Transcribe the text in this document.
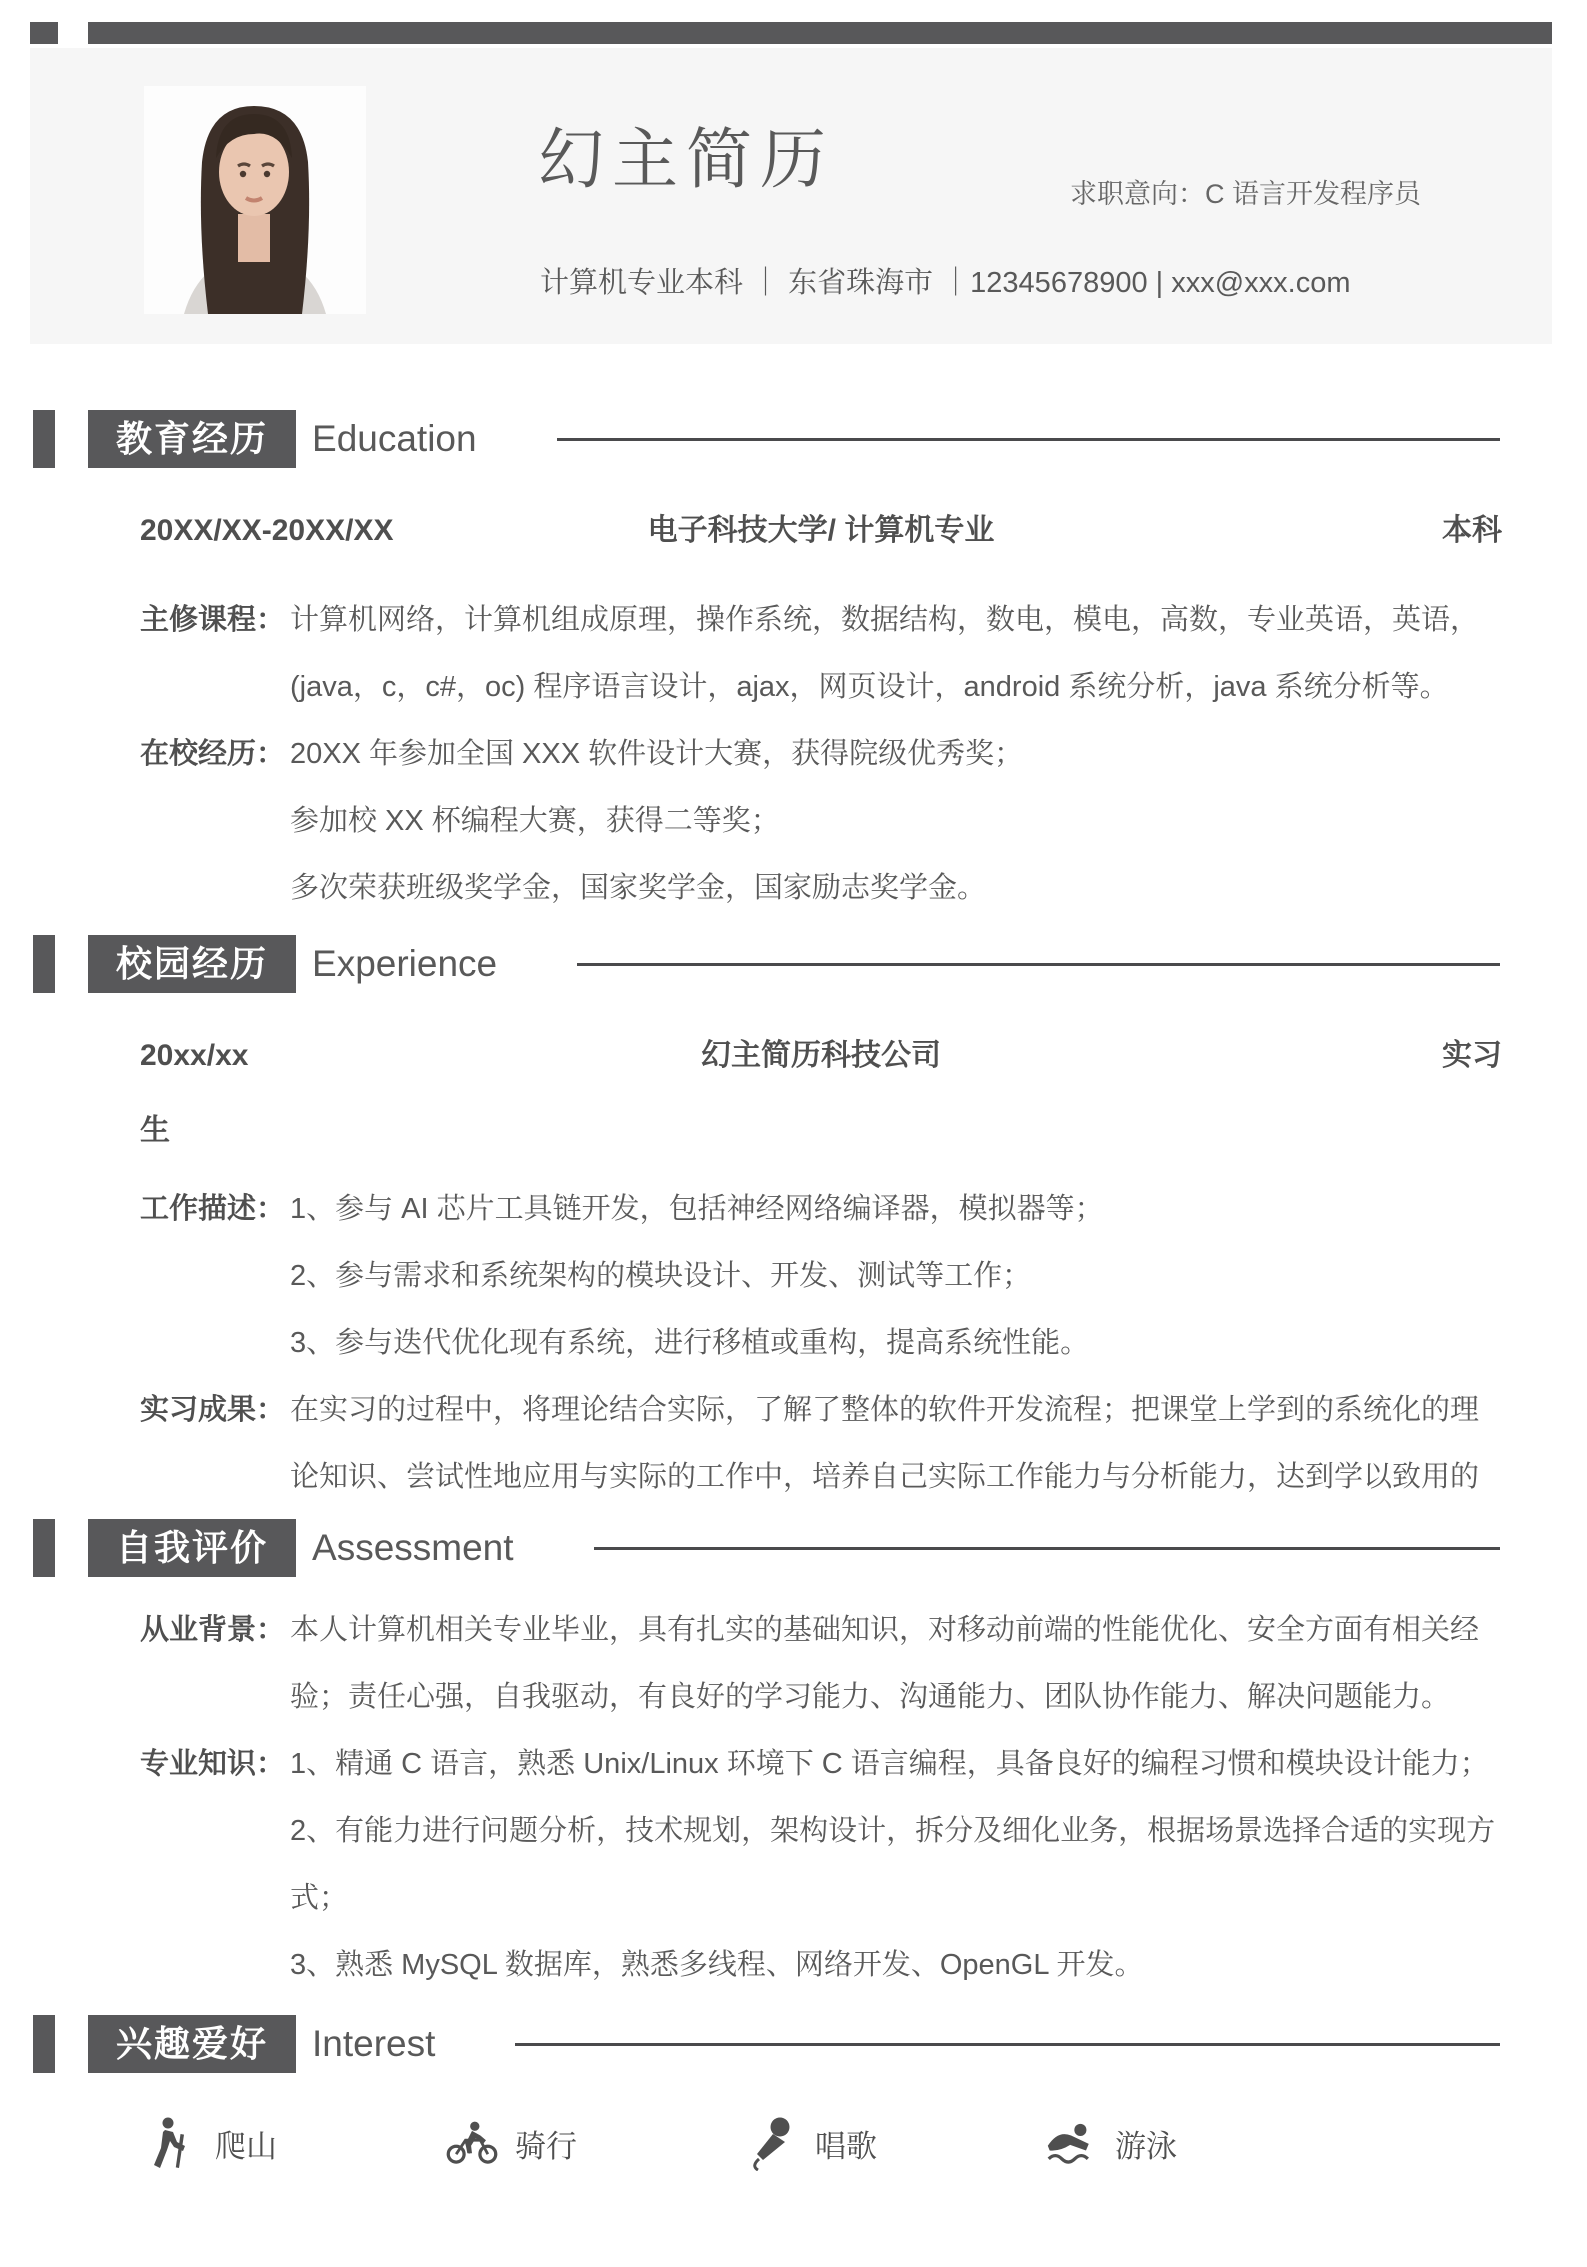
幻主简历	求职意向：C 语言开发程序员
计算机专业本科 ｜ 东省珠海市 ｜12345678900 | xxx@xxx.com
教育经历	Education
20XX/XX-20XX/XX	电子科技大学/ 计算机专业	本科
主修课程： 计算机网络，计算机组成原理，操作系统，数据结构，数电，模电，高数，专业英语，英语， (java，c，c#，oc) 程序语言设计，ajax，网页设计，android 系统分析，java 系统分析等。
在校经历： 20XX 年参加全国 XXX 软件设计大赛，获得院级优秀奖；
参加校 XX 杯编程大赛，获得二等奖；
多次荣获班级奖学金，国家奖学金，国家励志奖学金。
校园经历	Experience
20xx/xx	幻主简历科技公司	实习
生
工作描述： 1、参与 AI 芯片工具链开发，包括神经网络编译器，模拟器等；
2、参与需求和系统架构的模块设计、开发、测试等工作；
3、参与迭代优化现有系统，进行移植或重构，提高系统性能。
实习成果： 在实习的过程中，将理论结合实际，了解了整体的软件开发流程；把课堂上学到的系统化的理论知识、尝试性地应用与实际的工作中，培养自己实际工作能力与分析能力，达到学以致用的
自我评价	Assessment
从业背景： 本人计算机相关专业毕业，具有扎实的基础知识，对移动前端的性能优化、安全方面有相关经验；责任心强，自我驱动，有良好的学习能力、沟通能力、团队协作能力、解决问题能力。
专业知识： 1、精通 C 语言，熟悉 Unix/Linux 环境下 C 语言编程，具备良好的编程习惯和模块设计能力；
2、有能力进行问题分析，技术规划，架构设计，拆分及细化业务，根据场景选择合适的实现方式；
3、熟悉 MySQL 数据库，熟悉多线程、网络开发、OpenGL 开发。
兴趣爱好	Interest
爬山	骑行	唱歌	游泳
